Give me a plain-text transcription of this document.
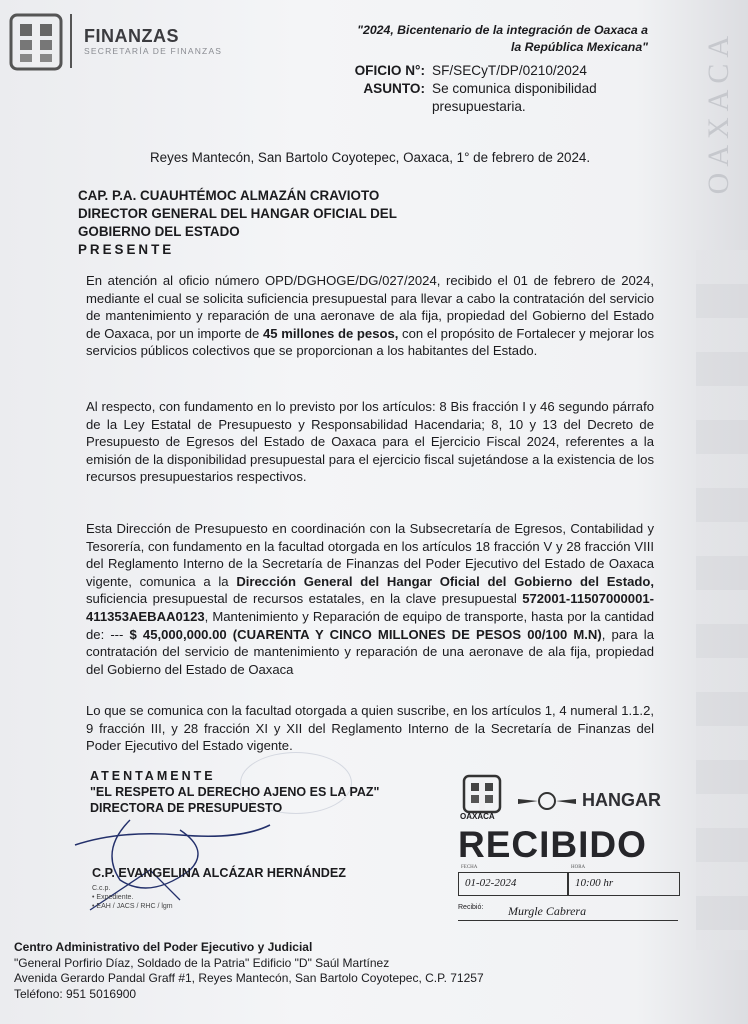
OAXACA
FINANZAS
SECRETARÍA DE FINANZAS
"2024, Bicentenario de la integración de Oaxaca a
la República Mexicana"
OFICIO N°:
ASUNTO:
SF/SECyT/DP/0210/2024
Se comunica disponibilidad
presupuestaria.
Reyes Mantecón, San Bartolo Coyotepec, Oaxaca, 1° de febrero de 2024.
CAP. P.A. CUAUHTÉMOC ALMAZÁN CRAVIOTO
DIRECTOR GENERAL DEL HANGAR OFICIAL DEL
GOBIERNO DEL ESTADO
PRESENTE
En atención al oficio número OPD/DGHOGE/DG/027/2024, recibido el 01 de febrero de 2024, mediante el cual se solicita suficiencia presupuestal para llevar a cabo la contratación del servicio de mantenimiento y reparación de una aeronave de ala fija, propiedad del Gobierno del Estado de Oaxaca, por un importe de 45 millones de pesos, con el propósito de Fortalecer y mejorar los servicios públicos colectivos que se proporcionan a los habitantes del Estado.
Al respecto, con fundamento en lo previsto por los artículos: 8 Bis fracción I y 46 segundo párrafo de la Ley Estatal de Presupuesto y Responsabilidad Hacendaria; 8, 10 y 13 del Decreto de Presupuesto de Egresos del Estado de Oaxaca para el Ejercicio Fiscal 2024, referentes a la emisión de la disponibilidad presupuestal para el ejercicio fiscal sujetándose a la existencia de los recursos presupuestarios respectivos.
Esta Dirección de Presupuesto en coordinación con la Subsecretaría de Egresos, Contabilidad y Tesorería, con fundamento en la facultad otorgada en los artículos 18 fracción V y 28 fracción VIII del Reglamento Interno de la Secretaría de Finanzas del Poder Ejecutivo del Estado de Oaxaca vigente, comunica a la Dirección General del Hangar Oficial del Gobierno del Estado, suficiencia presupuestal de recursos estatales, en la clave presupuestal 572001-11507000001-411353AEBAA0123, Mantenimiento y Reparación de equipo de transporte, hasta por la cantidad de: --- $ 45,000,000.00 (CUARENTA Y CINCO MILLONES DE PESOS 00/100 M.N), para la contratación del servicio de mantenimiento y reparación de una aeronave de ala fija, propiedad del Gobierno del Estado de Oaxaca
Lo que se comunica con la facultad otorgada a quien suscribe, en los artículos 1, 4 numeral 1.1.2, 9 fracción III, y 28 fracción XI y XII del Reglamento Interno de la Secretaría de Finanzas del Poder Ejecutivo del Estado vigente.
ATENTAMENTE
"EL RESPETO AL DERECHO AJENO ES LA PAZ"
DIRECTORA DE PRESUPUESTO
C.P. EVANGELINA ALCÁZAR HERNÁNDEZ
C.c.p.
• Expediente.
• EAH / JACS / RHC / lgm
OAXACA
HANGAR
RECIBIDO
FECHA
01-02-2024
HORA
10:00 hr
Recibió: Murgle Cabrera
Centro Administrativo del Poder Ejecutivo y Judicial
"General Porfirio Díaz, Soldado de la Patria" Edificio "D" Saúl Martínez
Avenida Gerardo Pandal Graff #1, Reyes Mantecón, San Bartolo Coyotepec, C.P. 71257
Teléfono: 951 5016900
